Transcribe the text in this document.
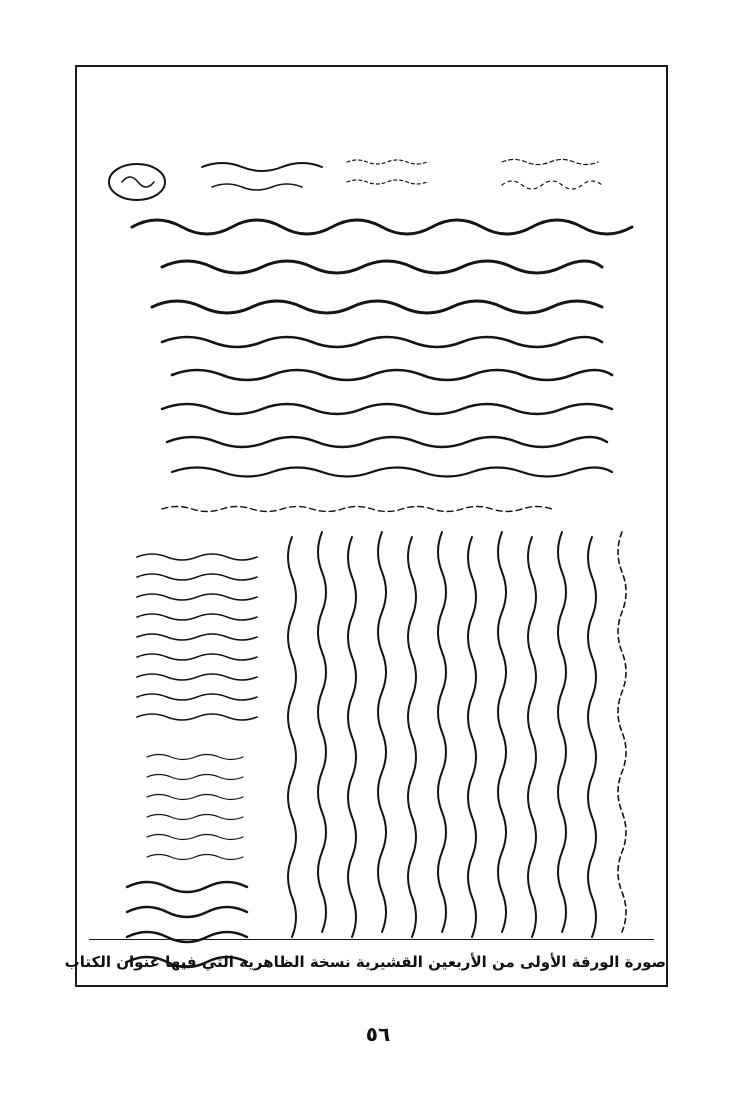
صورة الورقة الأولى من الأربعين القشيرية نسخة الظاهرية التي فيها عنوان الكتاب
٥٦
